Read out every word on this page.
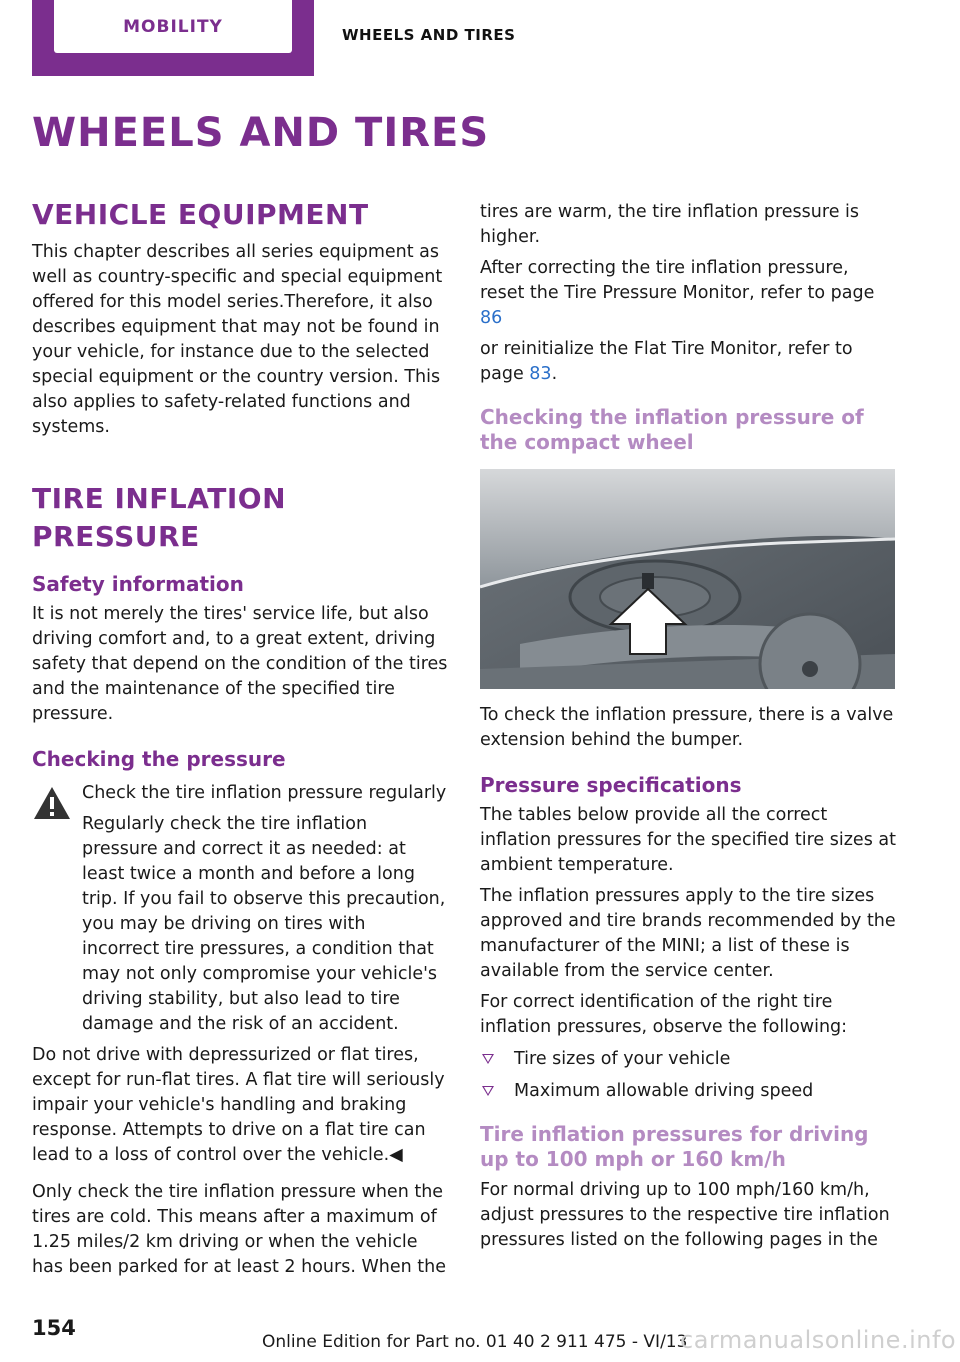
MOBILITY	WHEELS AND TIRES
WHEELS AND TIRES
VEHICLE EQUIPMENT

This chapter describes all series equipment as well as country-specific and special equipment offered for this model series.Therefore, it also describes equipment that may not be found in your vehicle, for instance due to the selected special equipment or the country version. This also applies to safety-related functions and systems.

TIRE INFLATION PRESSURE
Safety information

It is not merely the tires' service life, but also driving comfort and, to a great extent, driving safety that depend on the condition of the tires and the maintenance of the specified tire pressure.

Checking the pressure

Check the tire inflation pressure regularly

Regularly check the tire inflation pressure and correct it as needed: at least twice a month and before a long trip. If you fail to observe this precaution, you may be driving on tires with incorrect tire pressures, a condition that may not only compromise your vehicle's driving stability, but also lead to tire damage and the risk of an accident.

Do not drive with depressurized or flat tires, except for run-flat tires. A flat tire will seriously impair your vehicle's handling and braking response. Attempts to drive on a flat tire can lead to a loss of control over the vehicle.◀

Only check the tire inflation pressure when the tires are cold. This means after a maximum of 1.25 miles/2 km driving or when the vehicle has been parked for at least 2 hours. When the

tires are warm, the tire inflation pressure is higher.

After correcting the tire inflation pressure, reset the Tire Pressure Monitor, refer to page 86

or reinitialize the Flat Tire Monitor, refer to page 83.

Checking the inflation pressure of the compact wheel

To check the inflation pressure, there is a valve extension behind the bumper.

Pressure specifications

The tables below provide all the correct inflation pressures for the specified tire sizes at ambient temperature.

The inflation pressures apply to the tire sizes approved and tire brands recommended by the manufacturer of the MINI; a list of these is available from the service center.

For correct identification of the right tire inflation pressures, observe the following:

Tire sizes of your vehicle
Maximum allowable driving speed
Tire inflation pressures for driving up to 100 mph or 160 km/h

For normal driving up to 100 mph/160 km/h, adjust pressures to the respective tire inflation pressures listed on the following pages in the

154
Online Edition for Part no. 01 40 2 911 475 - VI/13
carmanualsonline.info
